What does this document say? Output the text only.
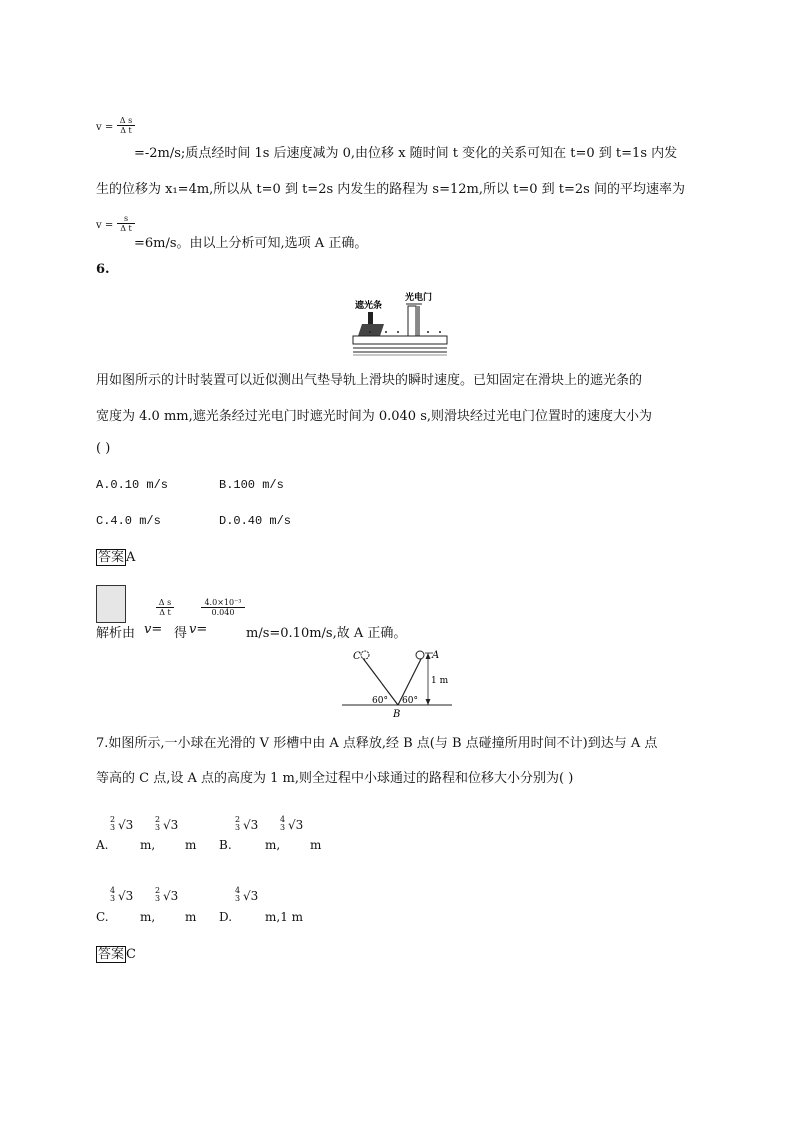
$v = \frac{\text{Δ s}}{\text{Δ t}}$
=-2m/s;质点经时间 1s 后速度减为 0,由位移 x 随时间 t 变化的关系可知在 t=0 到 t=1s 内发
生的位移为 x₁=4m,所以从 t=0 到 t=2s 内发生的路程为 s=12m,所以 t=0 到 t=2s 间的平均速率为
$v = \frac{s}{\text{Δ t}}$
=6m/s。由以上分析可知,选项 A 正确。
6.
遮光条
光电门
用如图所示的计时装置可以近似测出气垫导轨上滑块的瞬时速度。已知固定在滑块上的遮光条的
宽度为 4.0 mm,遮光条经过光电门时遮光时间为 0.040 s,则滑块经过光电门位置时的速度大小为
( )
A.0.10 m/s	B.100 m/s
C.4.0 m/s	D.0.40 m/s
答案 A
解析 由 v=
$\frac{\text{Δ s}}{\text{Δ t}}$
得 v=
$\frac{\text{4.0×10⁻³}}{0.040}$
m/s=0.10m/s,故 A 正确。
C	A
B
60° 60°
1 m
7.如图所示,一小球在光滑的 V 形槽中由 A 点释放,经 B 点(与 B 点碰撞所用时间不计)到达与 A 点
等高的 C 点,设 A 点的高度为 1 m,则全过程中小球通过的路程和位移大小分别为( )
2
3 √3	2
3 √3
A.	m, m
2
3 √3	4
3 √3
B.	m, m
4
3 √3	2
3 √3
C.	m, m
4
3 √3
D.	m,1 m
答案 C
